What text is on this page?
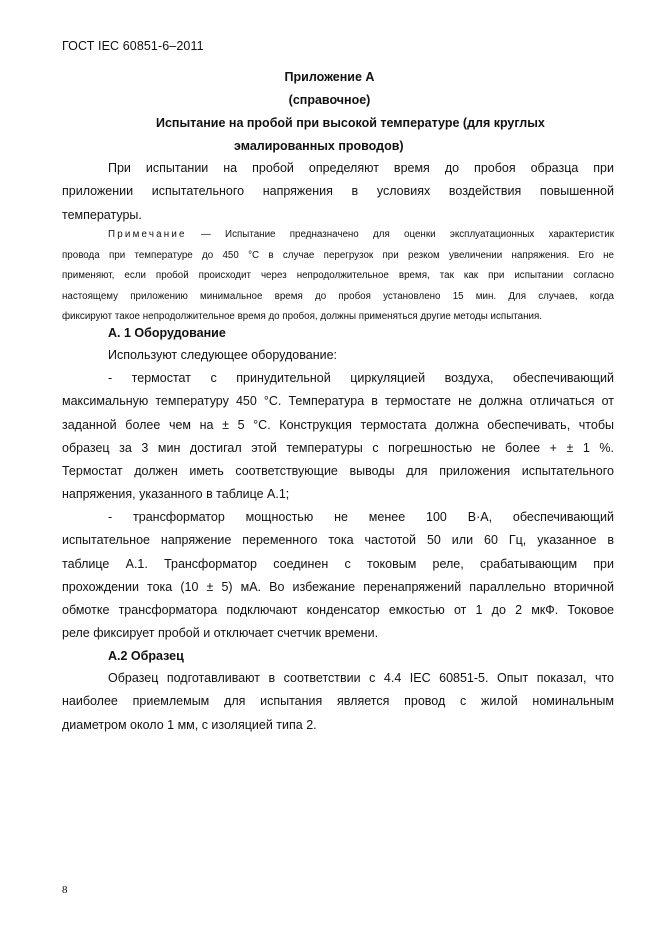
ГОСТ IEC 60851-6–2011
Приложение А
(справочное)
Испытание на пробой при высокой температуре (для круглых
эмалированных проводов)
При испытании на пробой определяют время до пробоя образца при
приложении испытательного напряжения в условиях воздействия повышенной
температуры.
Примечание — Испытание предназначено для оценки эксплуатационных характеристик
провода при температуре до 450 °С в случае перегрузок при резком увеличении напряжения. Его не
применяют, если пробой происходит через непродолжительное время, так как при испытании согласно
настоящему приложению минимальное время до пробоя установлено 15 мин. Для случаев, когда
фиксируют такое непродолжительное время до пробоя, должны применяться другие методы испытания.
А. 1 Оборудование
Используют следующее оборудование:
- термостат с принудительной циркуляцией воздуха, обеспечивающий
максимальную температуру 450 °С. Температура в термостате не должна отличаться от
заданной более чем на ± 5 °С. Конструкция термостата должна обеспечивать, чтобы
образец за 3 мин достигал этой температуры с погрешностью не более + ± 1 %.
Термостат должен иметь соответствующие выводы для приложения испытательного
напряжения, указанного в таблице А.1;
- трансформатор мощностью не менее 100 В·А, обеспечивающий
испытательное напряжение переменного тока частотой 50 или 60 Гц, указанное в
таблице А.1. Трансформатор соединен с токовым реле, срабатывающим при
прохождении тока (10 ± 5) мА. Во избежание перенапряжений параллельно вторичной
обмотке трансформатора подключают конденсатор емкостью от 1 до 2 мкФ. Токовое
реле фиксирует пробой и отключает счетчик времени.
А.2 Образец
Образец подготавливают в соответствии с 4.4 IEC 60851-5. Опыт показал, что
наиболее приемлемым для испытания является провод с жилой номинальным
диаметром около 1 мм, с изоляцией типа 2.
8
